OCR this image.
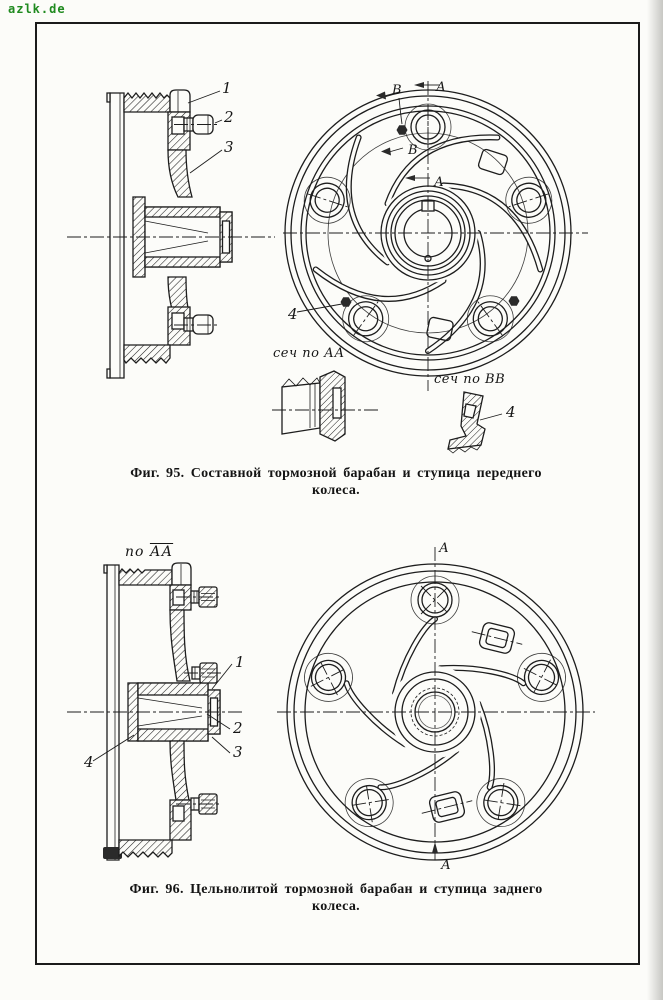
azlk.de
1
2
3
А
А
В
В
4
сеч по АА
сеч по ВВ
4
Фиг. 95. Составной тормозной барабан и ступица переднего
колеса.
по АА
1
2
3
4
А
А
Фиг. 96. Цельнолитой тормозной барабан и ступица заднего
колеса.
